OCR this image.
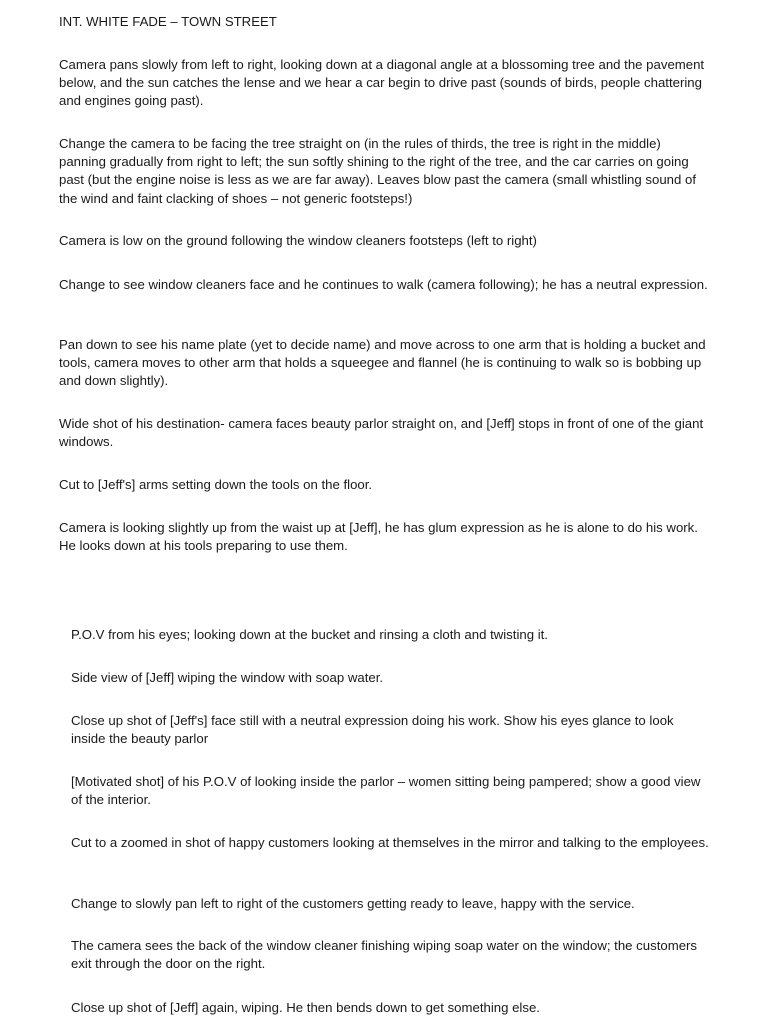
INT. WHITE FADE – TOWN STREET

Camera pans slowly from left to right, looking down at a diagonal angle at a blossoming tree and the pavement below, and the sun catches the lense and we hear a car begin to drive past (sounds of birds, people chattering and engines going past).

Change the camera to be facing the tree straight on (in the rules of thirds, the tree is right in the middle) panning gradually from right to left; the sun softly shining to the right of the tree, and the car carries on going past (but the engine noise is less as we are far away). Leaves blow past the camera (small whistling sound of the wind and faint clacking of shoes – not generic footsteps!)

Camera is low on the ground following the window cleaners footsteps (left to right)

Change to see window cleaners face and he continues to walk (camera following); he has a neutral expression.

Pan down to see his name plate (yet to decide name) and move across to one arm that is holding a bucket and tools, camera moves to other arm that holds a squeegee and flannel (he is continuing to walk so is bobbing up and down slightly).

Wide shot of his destination- camera faces beauty parlor straight on, and [Jeff] stops in front of one of the giant windows.

Cut to [Jeff's] arms setting down the tools on the floor.

Camera is looking slightly up from the waist up at [Jeff], he has glum expression as he is alone to do his work. He looks down at his tools preparing to use them.

P.O.V from his eyes; looking down at the bucket and rinsing a cloth and twisting it.

Side view of [Jeff] wiping the window with soap water.

Close up shot of [Jeff's] face still with a neutral expression doing his work. Show his eyes glance to look inside the beauty parlor

[Motivated shot] of his P.O.V of looking inside the parlor – women sitting being pampered; show a good view of the interior.

Cut to a zoomed in shot of happy customers looking at themselves in the mirror and talking to the employees.

Change to slowly pan left to right of the customers getting ready to leave, happy with the service.

The camera sees the back of the window cleaner finishing wiping soap water on the window; the customers exit through the door on the right.

Close up shot of [Jeff] again, wiping. He then bends down to get something else.
